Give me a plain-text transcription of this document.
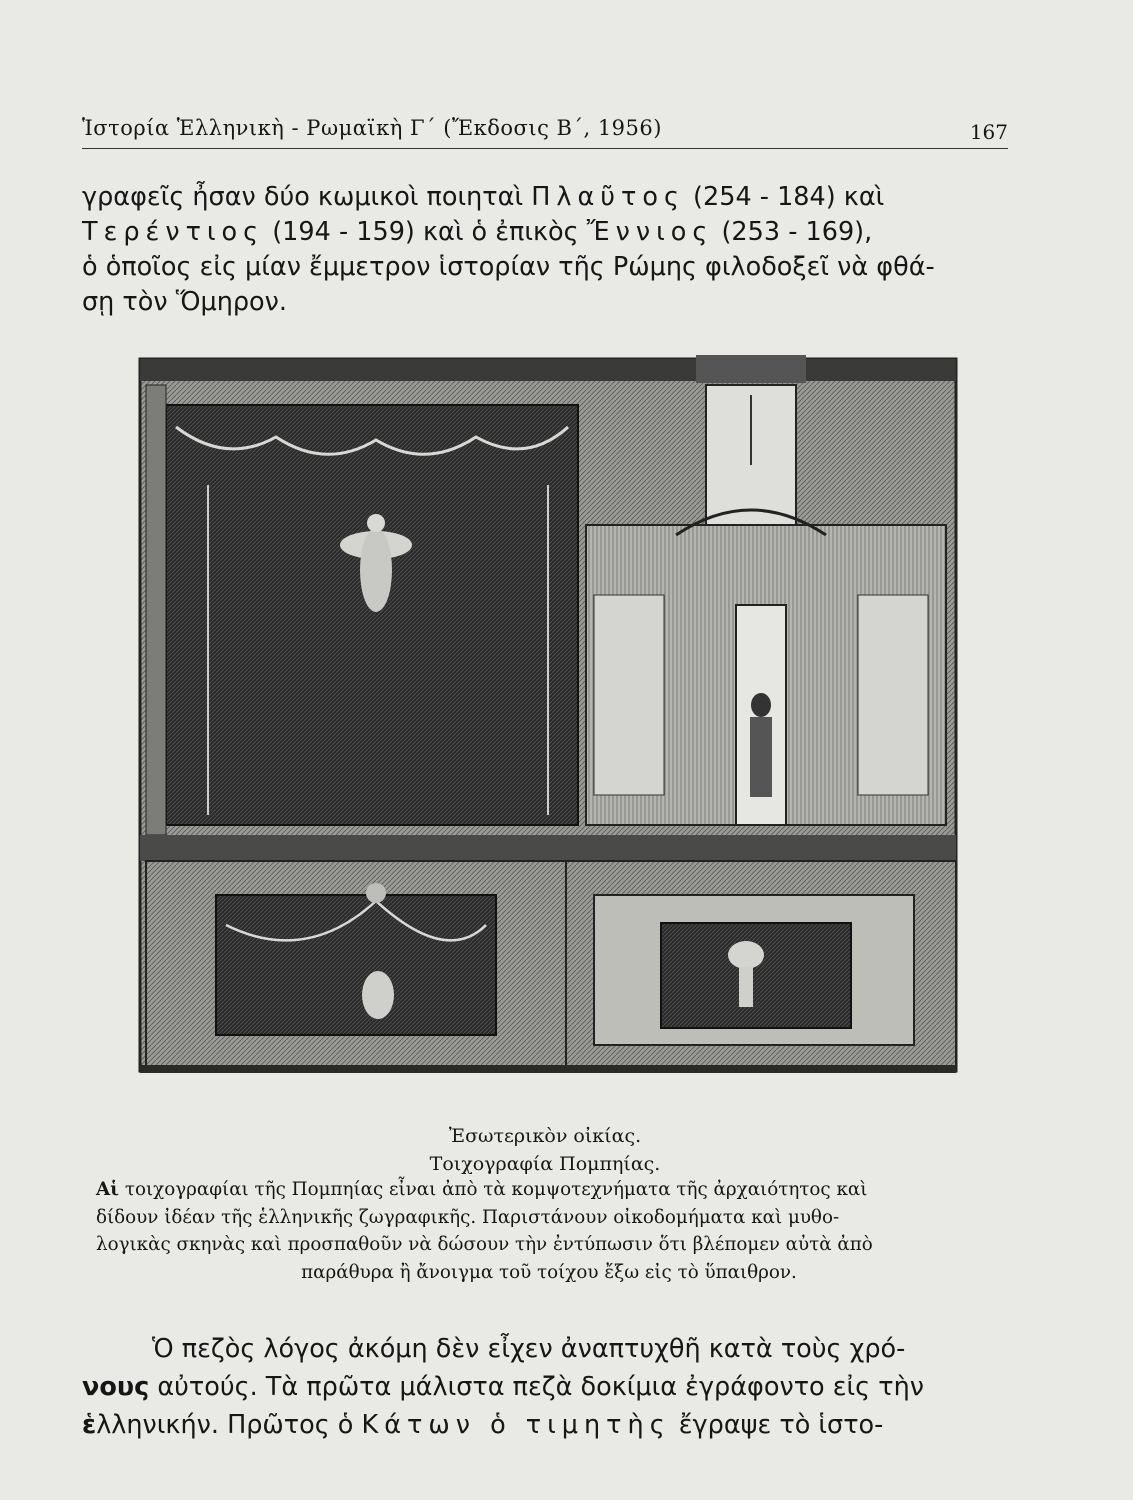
Ἱστορία Ἑλληνικὴ - Ρωμαϊκὴ Γ΄ (Ἔκδοσις Β΄, 1956)	167
γραφεῖς ἦσαν δύο κωμικοὶ ποιηταὶ Πλαῦτος (254 - 184) καὶ
Τερέντιος (194 - 159) καὶ ὁ ἐπικὸς Ἔννιος (253 - 169),
ὁ ὁποῖος εἰς μίαν ἔμμετρον ἱστορίαν τῆς Ρώμης φιλοδοξεῖ νὰ φθά-
σῃ τὸν Ὅμηρον.
Ἐσωτερικὸν οἰκίας.
Τοιχογραφία Πομπηίας.
Αἱ τοιχογραφίαι τῆς Πομπηίας εἶναι ἀπὸ τὰ κομψοτεχνήματα τῆς ἀρχαιότητος καὶ
δίδουν ἰδέαν τῆς ἑλληνικῆς ζωγραφικῆς. Παριστάνουν οἰκοδομήματα καὶ μυθο-
λογικὰς σκηνὰς καὶ προσπαθοῦν νὰ δώσουν τὴν ἐντύπωσιν ὅτι βλέπομεν αὐτὰ ἀπὸ
παράθυρα ἢ ἄνοιγμα τοῦ τοίχου ἔξω εἰς τὸ ὕπαιθρον.
Ὁ πεζὸς λόγος ἀκόμη δὲν εἶχεν ἀναπτυχθῆ κατὰ τοὺς χρό-
νους αὐτούς. Τὰ πρῶτα μάλιστα πεζὰ δοκίμια ἐγράφοντο εἰς τὴν
ἑλληνικήν. Πρῶτος ὁ Κάτων ὁ τιμητὴς ἔγραψε τὸ ἱστο-
